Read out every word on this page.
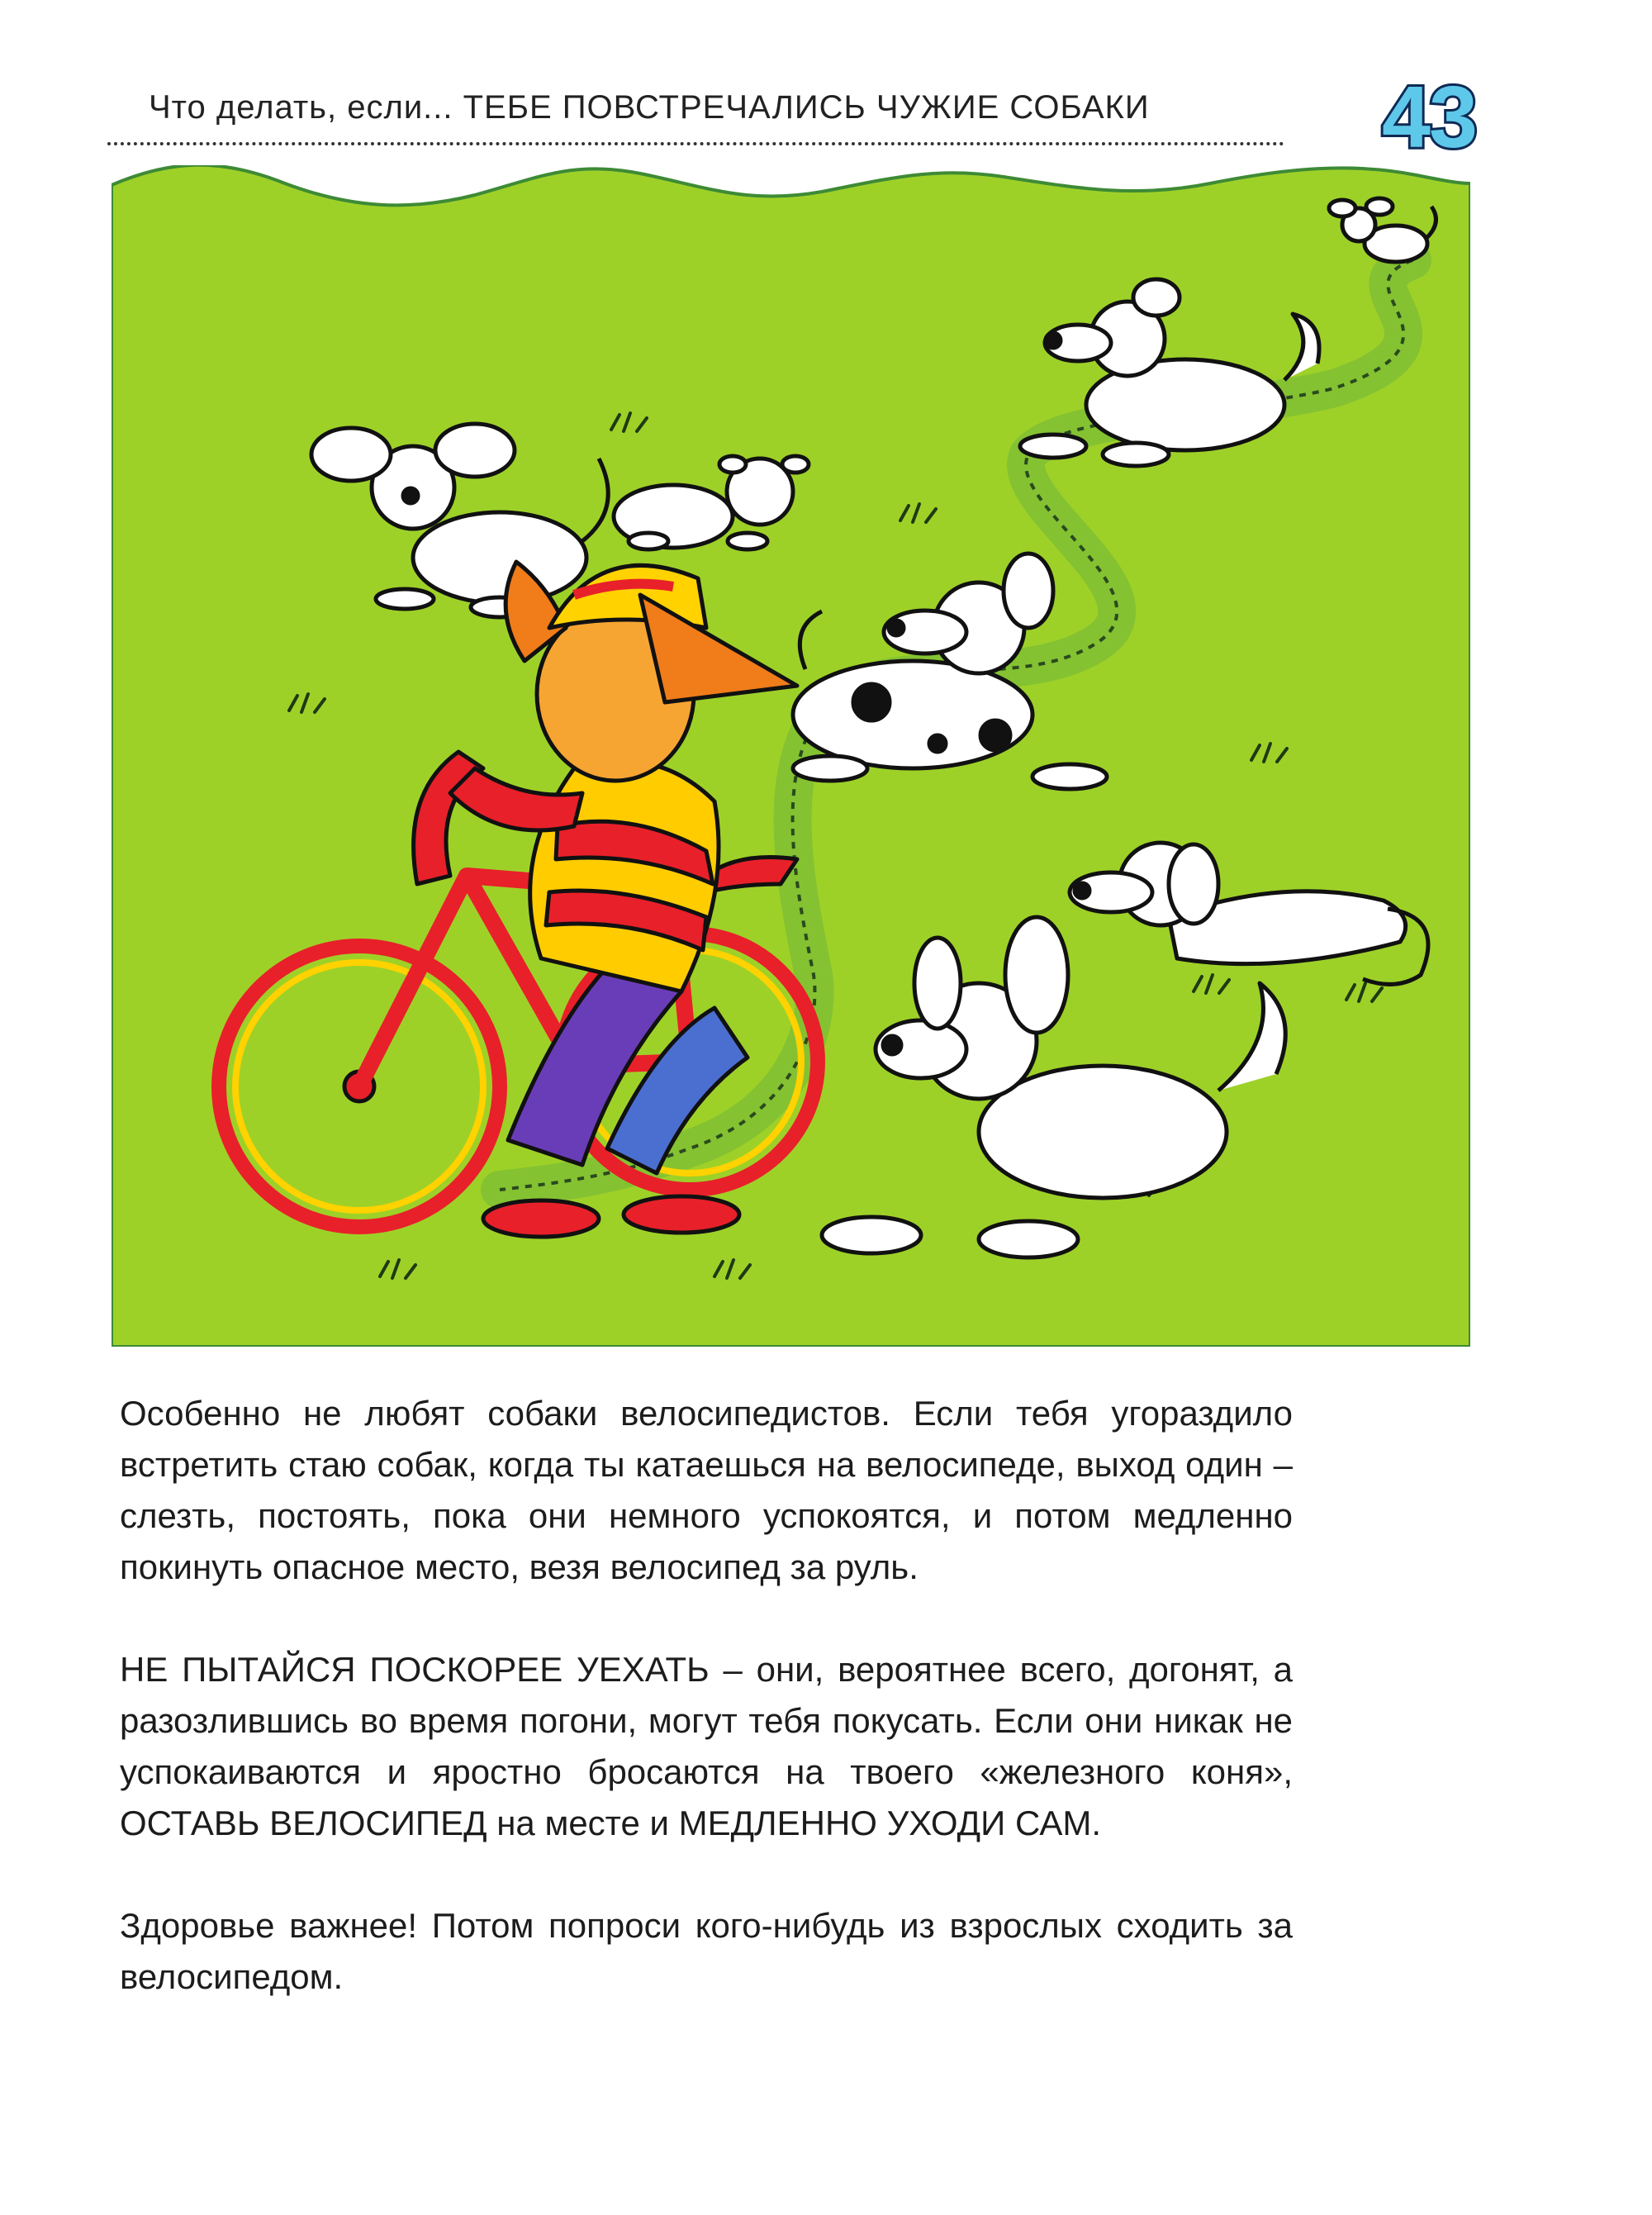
Что делать, если... ТЕБЕ ПОВСТРЕЧАЛИСЬ ЧУЖИЕ СОБАКИ	43

Особенно не любят собаки велосипедистов. Если тебя угораздило встретить стаю собак, когда ты катаешься на велосипеде, выход один – слезть, постоять, пока они немного успокоятся, и потом медленно покинуть опасное место, везя велосипед за руль.

НЕ ПЫТАЙСЯ ПОСКОРЕЕ УЕХАТЬ – они, вероятнее всего, догонят, а разозлившись во время погони, могут тебя покусать. Если они никак не успокаиваются и яростно бросаются на твоего «железного коня», ОСТАВЬ ВЕЛОСИПЕД на месте и МЕДЛЕННО УХОДИ САМ.

Здоровье важнее! Потом попроси кого-нибудь из взрослых сходить за велосипедом.
